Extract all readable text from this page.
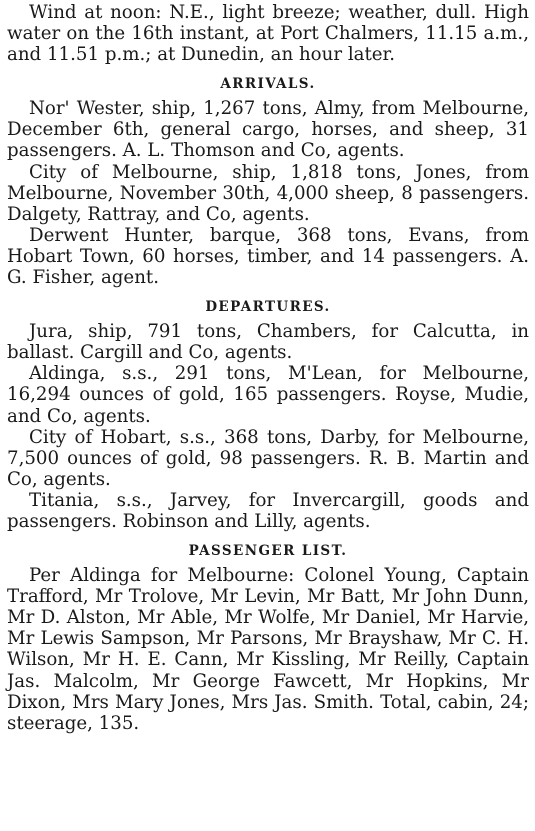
Wind at noon: N.E., light breeze; weather, dull. High water on the 16th instant, at Port Chalmers, 11.15 a.m., and 11.51 p.m.; at Dunedin, an hour later.

ARRIVALS.

Nor' Wester, ship, 1,267 tons, Almy, from Melbourne, December 6th, general cargo, horses, and sheep, 31 passengers. A. L. Thomson and Co, agents.

City of Melbourne, ship, 1,818 tons, Jones, from Melbourne, November 30th, 4,000 sheep, 8 passengers. Dalgety, Rattray, and Co, agents.

Derwent Hunter, barque, 368 tons, Evans, from Hobart Town, 60 horses, timber, and 14 passengers. A. G. Fisher, agent.

DEPARTURES.

Jura, ship, 791 tons, Chambers, for Calcutta, in ballast. Cargill and Co, agents.

Aldinga, s.s., 291 tons, M'Lean, for Melbourne, 16,294 ounces of gold, 165 passengers. Royse, Mudie, and Co, agents.

City of Hobart, s.s., 368 tons, Darby, for Melbourne, 7,500 ounces of gold, 98 passengers. R. B. Martin and Co, agents.

Titania, s.s., Jarvey, for Invercargill, goods and passengers. Robinson and Lilly, agents.

PASSENGER LIST.

Per Aldinga for Melbourne: Colonel Young, Captain Trafford, Mr Trolove, Mr Levin, Mr Batt, Mr John Dunn, Mr D. Alston, Mr Able, Mr Wolfe, Mr Daniel, Mr Harvie, Mr Lewis Sampson, Mr Parsons, Mr Brayshaw, Mr C. H. Wilson, Mr H. E. Cann, Mr Kissling, Mr Reilly, Captain Jas. Malcolm, Mr George Fawcett, Mr Hopkins, Mr Dixon, Mrs Mary Jones, Mrs Jas. Smith. Total, cabin, 24; steerage, 135.
